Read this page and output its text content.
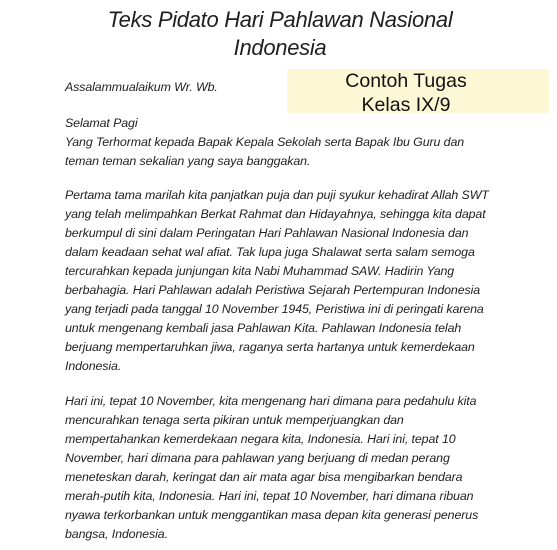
Teks Pidato Hari Pahlawan Nasional
Indonesia
Contoh Tugas
Kelas IX/9
Assalammualaikum Wr. Wb.
Selamat Pagi
Yang Terhormat kepada Bapak Kepala Sekolah serta Bapak Ibu Guru dan
teman teman sekalian yang saya banggakan.
Pertama tama marilah kita panjatkan puja dan puji syukur kehadirat Allah SWT
yang telah melimpahkan Berkat Rahmat dan Hidayahnya, sehingga kita dapat
berkumpul di sini dalam Peringatan Hari Pahlawan Nasional Indonesia dan
dalam keadaan sehat wal afiat. Tak lupa juga Shalawat serta salam semoga
tercurahkan kepada junjungan kita Nabi Muhammad SAW. Hadirin Yang
berbahagia. Hari Pahlawan adalah Peristiwa Sejarah Pertempuran Indonesia
yang terjadi pada tanggal 10 November 1945, Peristiwa ini di peringati karena
untuk mengenang kembali jasa Pahlawan Kita. Pahlawan Indonesia telah
berjuang mempertaruhkan jiwa, raganya serta hartanya untuk kemerdekaan
Indonesia.
Hari ini, tepat 10 November, kita mengenang hari dimana para pedahulu kita
mencurahkan tenaga serta pikiran untuk memperjuangkan dan
mempertahankan kemerdekaan negara kita, Indonesia. Hari ini, tepat 10
November, hari dimana para pahlawan yang berjuang di medan perang
meneteskan darah, keringat dan air mata agar bisa mengibarkan bendara
merah-putih kita, Indonesia. Hari ini, tepat 10 November, hari dimana ribuan
nyawa terkorbankan untuk menggantikan masa depan kita generasi penerus
bangsa, Indonesia.
